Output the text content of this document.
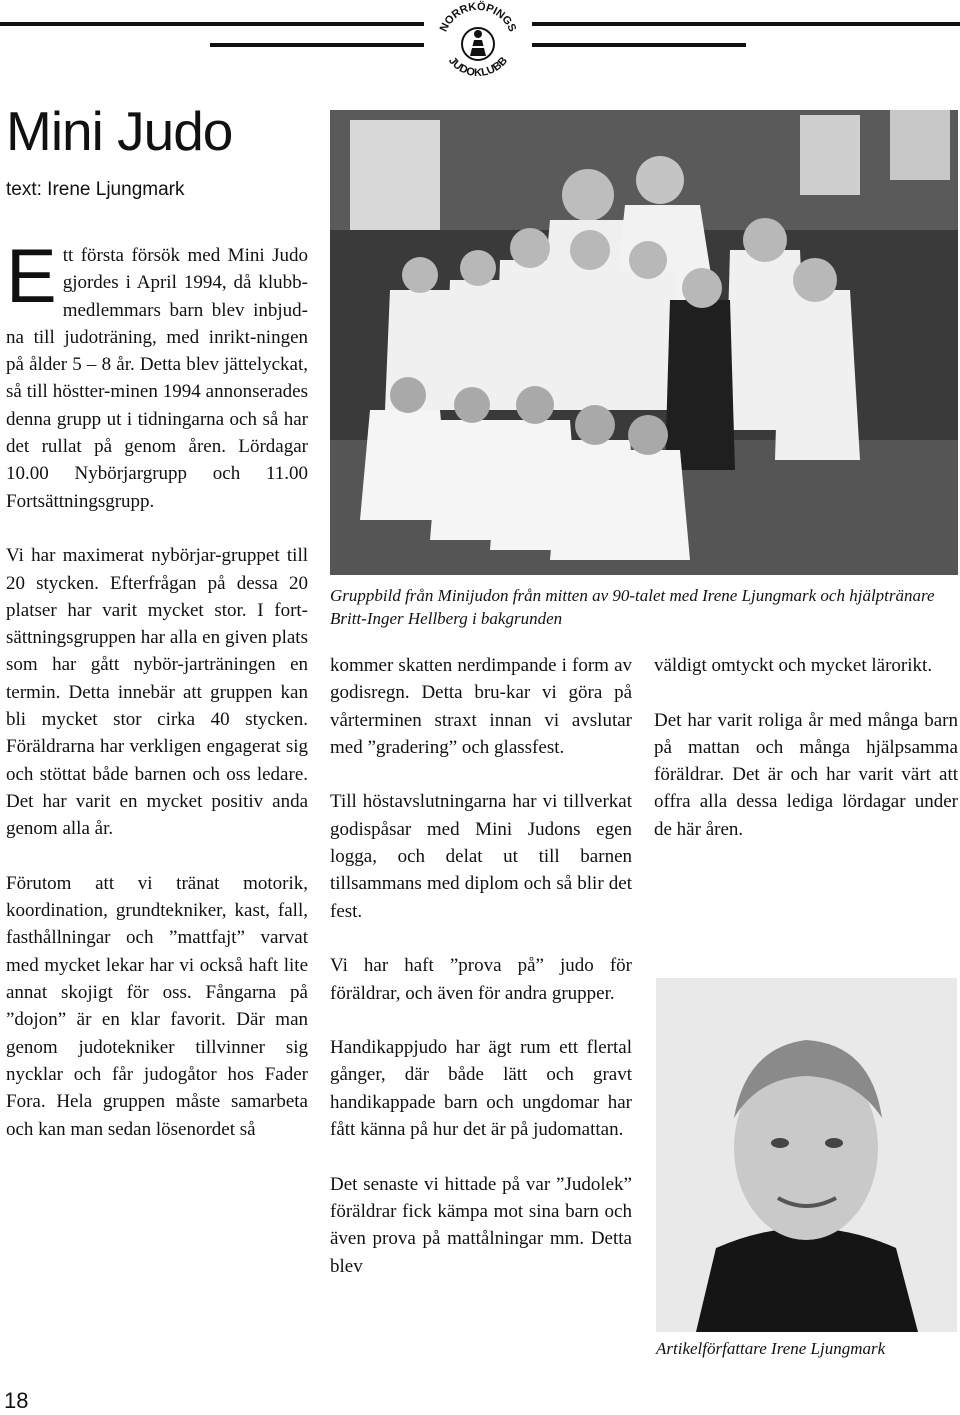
NORRKÖPINGS
JUDOKLUBB
Mini Judo
text: Irene Ljungmark

Ett första försök med Mini Judo gjordes i April 1994, då klubb-medlemmars barn blev inbjud-na till judoträning, med inrikt-ningen på ålder 5 – 8 år. Detta blev jättelyckat, så till höstter-minen 1994 annonserades denna grupp ut i tidningarna och så har det rullat på genom åren. Lördagar 10.00 Nybörjargrupp och 11.00 Fortsättningsgrupp.

Vi har maximerat nybörjar-gruppet till 20 stycken. Efterfrågan på dessa 20 platser har varit mycket stor. I fort-sättningsgruppen har alla en given plats som har gått nybör-jarträningen en termin. Detta innebär att gruppen kan bli mycket stor cirka 40 stycken. Föräldrarna har verkligen engagerat sig och stöttat både barnen och oss ledare. Det har varit en mycket positiv anda genom alla år.

Förutom att vi tränat motorik, koordination, grundtekniker, kast, fall, fasthållningar och ”mattfajt” varvat med mycket lekar har vi också haft lite annat skojigt för oss. Fångarna på ”dojon” är en klar favorit. Där man genom judotekniker tillvinner sig nycklar och får judogåtor hos Fader Fora. Hela gruppen måste samarbeta och kan man sedan lösenordet så

Gruppbild från Minijudon från mitten av 90-talet med Irene Ljungmark och hjälptränare Britt-Inger Hellberg i bakgrunden

kommer skatten nerdimpande i form av godisregn. Detta bru-kar vi göra på vårterminen straxt innan vi avslutar med ”gradering” och glassfest.

Till höstavslutningarna har vi tillverkat godispåsar med Mini Judons egen logga, och delat ut till barnen tillsammans med diplom och så blir det fest.

Vi har haft ”prova på” judo för föräldrar, och även för andra grupper.

Handikappjudo har ägt rum ett flertal gånger, där både lätt och gravt handikappade barn och ungdomar har fått känna på hur det är på judomattan.

Det senaste vi hittade på var ”Judolek” föräldrar fick kämpa mot sina barn och även prova på mattålningar mm. Detta blev

väldigt omtyckt och mycket lärorikt.

Det har varit roliga år med många barn på mattan och många hjälpsamma föräldrar. Det är och har varit värt att offra alla dessa lediga lördagar under de här åren.

Artikelförfattare Irene Ljungmark
18
